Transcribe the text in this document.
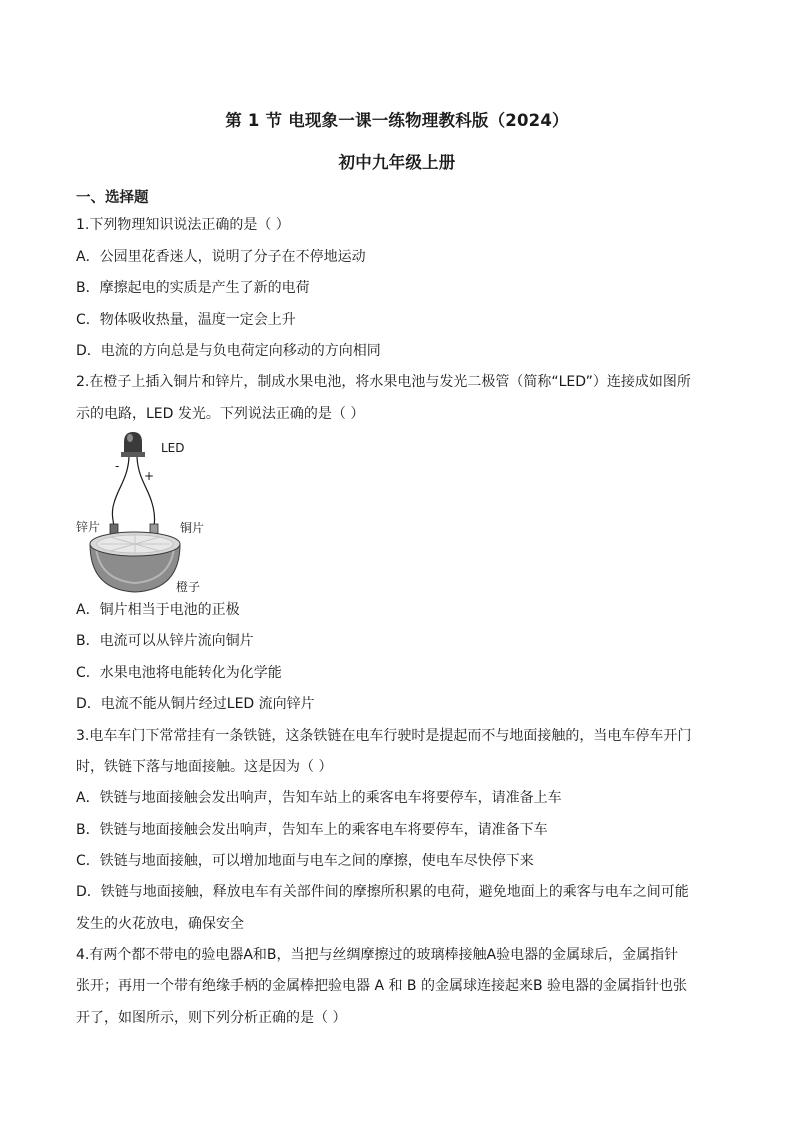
第 1 节 电现象一课一练物理教科版（2024）
初中九年级上册
一、选择题
1.下列物理知识说法正确的是（ ）
A．公园里花香迷人，说明了分子在不停地运动
B．摩擦起电的实质是产生了新的电荷
C．物体吸收热量，温度一定会上升
D．电流的方向总是与负电荷定向移动的方向相同
2.在橙子上插入铜片和锌片，制成水果电池，将水果电池与发光二极管（简称“LED”）连接成如图所
示的电路，LED 发光。下列说法正确的是（ ）
LED
-
+
锌片	铜片
橙子
A．铜片相当于电池的正极
B．电流可以从锌片流向铜片
C．水果电池将电能转化为化学能
D．电流不能从铜片经过LED 流向锌片
3.电车车门下常常挂有一条铁链，这条铁链在电车行驶时是提起而不与地面接触的，当电车停车开门
时，铁链下落与地面接触。这是因为（ ）
A．铁链与地面接触会发出响声，告知车站上的乘客电车将要停车，请准备上车
B．铁链与地面接触会发出响声，告知车上的乘客电车将要停车，请准备下车
C．铁链与地面接触，可以增加地面与电车之间的摩擦，使电车尽快停下来
D．铁链与地面接触，释放电车有关部件间的摩擦所积累的电荷，避免地面上的乘客与电车之间可能
发生的火花放电，确保安全
4.有两个都不带电的验电器A和B，当把与丝绸摩擦过的玻璃棒接触A验电器的金属球后，金属指针
张开；再用一个带有绝缘手柄的金属棒把验电器 A 和 B 的金属球连接起来B 验电器的金属指针也张
开了，如图所示，则下列分析正确的是（ ）
